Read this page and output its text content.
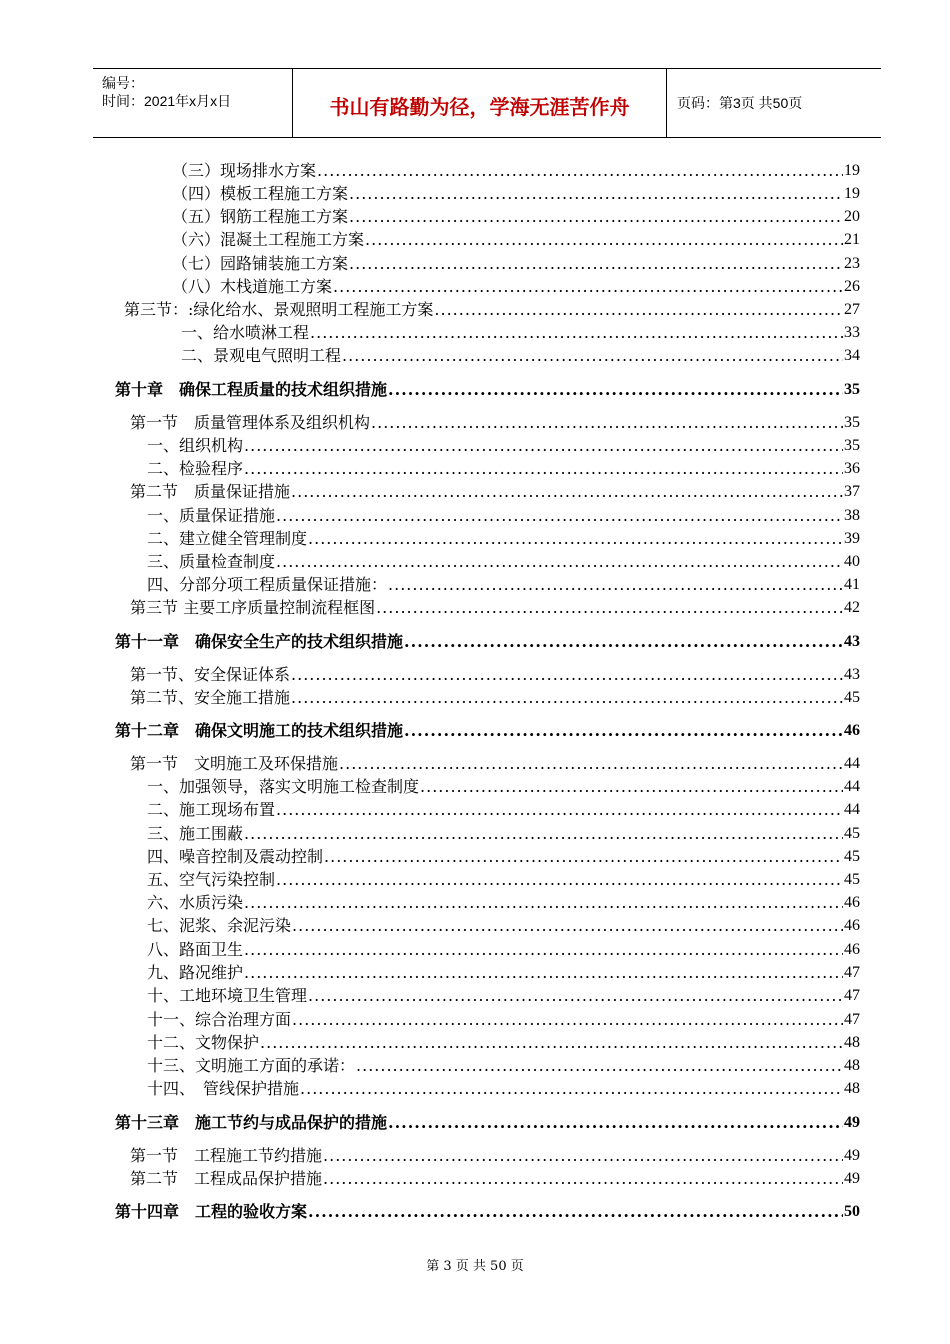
编号：
时间：2021年x月x日	书山有路勤为径，学海无涯苦作舟	页码：第3页 共50页
（三）现场排水方案 .....	19
（四）模板工程施工方案 .....	19
（五）钢筋工程施工方案 .....	20
（六）混凝土工程施工方案 .....	21
（七）园路铺装施工方案 .....	23
（八）木栈道施工方案 .....	26
第三节：:绿化给水、景观照明工程施工方案 .....	27
一、给水喷淋工程 .....	33
二、景观电气照明工程 .....	34
第十章　确保工程质量的技术组织措施 .....	35
第一节　质量管理体系及组织机构 .....	35
一、组织机构 .....	35
二、检验程序 .....	36
第二节　质量保证措施 .....	37
一、质量保证措施 .....	38
二、建立健全管理制度 .....	39
三、质量检查制度 .....	40
四、分部分项工程质量保证措施： .....	41
第三节 主要工序质量控制流程框图 .....	42
第十一章　确保安全生产的技术组织措施 .....	43
第一节、安全保证体系 .....	43
第二节、安全施工措施 .....	45
第十二章　确保文明施工的技术组织措施 .....	46
第一节　文明施工及环保措施 .....	44
一、加强领导，落实文明施工检查制度 .....	44
二、施工现场布置 .....	44
三、施工围蔽 .....	45
四、噪音控制及震动控制 .....	45
五、空气污染控制 .....	45
六、水质污染 .....	46
七、泥浆、余泥污染 .....	46
八、路面卫生 .....	46
九、路况维护 .....	47
十、工地环境卫生管理 .....	47
十一、综合治理方面 .....	47
十二、文物保护 .....	48
十三、文明施工方面的承诺： .....	48
十四、　管线保护措施 .....	48
第十三章　施工节约与成品保护的措施 .....	49
第一节　工程施工节约措施 .....	49
第二节　工程成品保护措施 .....	49
第十四章　工程的验收方案 .....	50
第 3 页 共 50 页
